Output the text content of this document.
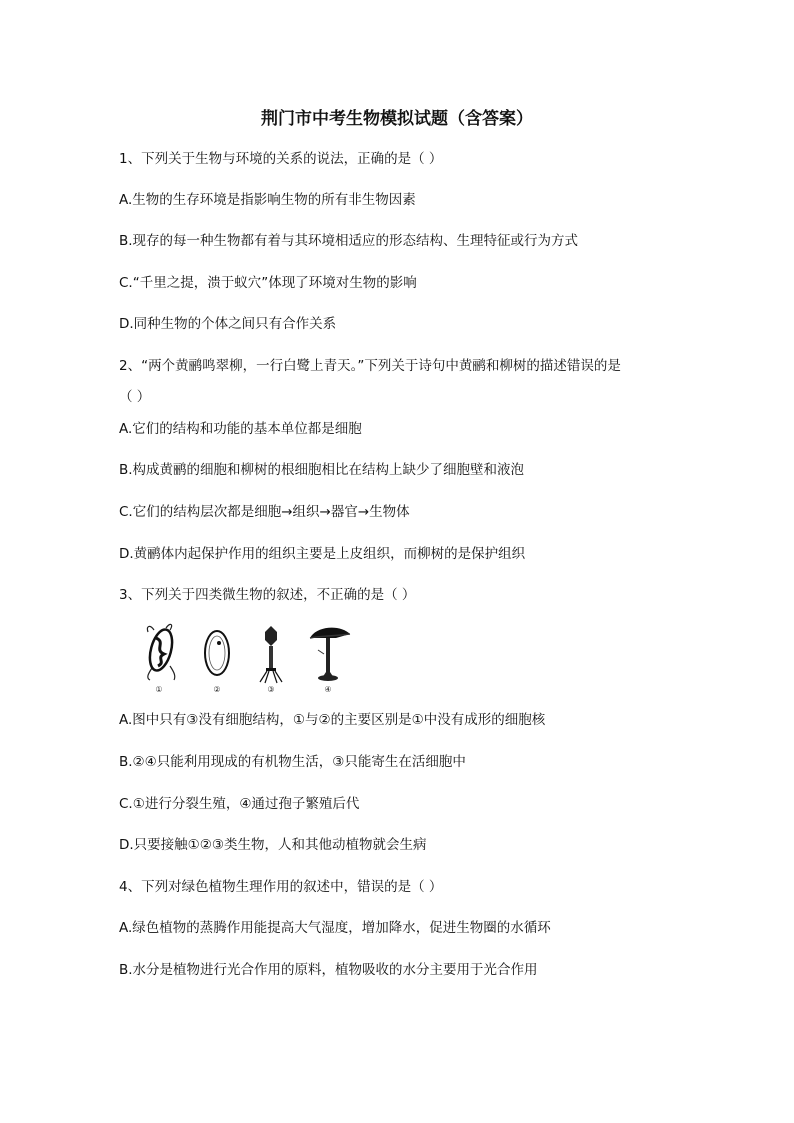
荆门市中考生物模拟试题（含答案）
1、下列关于生物与环境的关系的说法，正确的是（ ）
A.生物的生存环境是指影响生物的所有非生物因素
B.现存的每一种生物都有着与其环境相适应的形态结构、生理特征或行为方式
C.“千里之提，溃于蚁穴”体现了环境对生物的影响
D.同种生物的个体之间只有合作关系
2、“两个黄鹂鸣翠柳，一行白鹭上青天。”下列关于诗句中黄鹂和柳树的描述错误的是
（ ）
A.它们的结构和功能的基本单位都是细胞
B.构成黄鹂的细胞和柳树的根细胞相比在结构上缺少了细胞壁和液泡
C.它们的结构层次都是细胞→组织→器官→生物体
D.黄鹂体内起保护作用的组织主要是上皮组织，而柳树的是保护组织
3、下列关于四类微生物的叙述，不正确的是（ ）
①	②	③	④
A.图中只有③没有细胞结构，①与②的主要区别是①中没有成形的细胞核
B.②④只能利用现成的有机物生活，③只能寄生在活细胞中
C.①进行分裂生殖，④通过孢子繁殖后代
D.只要接触①②③类生物，人和其他动植物就会生病
4、下列对绿色植物生理作用的叙述中，错误的是（ ）
A.绿色植物的蒸腾作用能提高大气湿度，增加降水，促进生物圈的水循环
B.水分是植物进行光合作用的原料，植物吸收的水分主要用于光合作用
